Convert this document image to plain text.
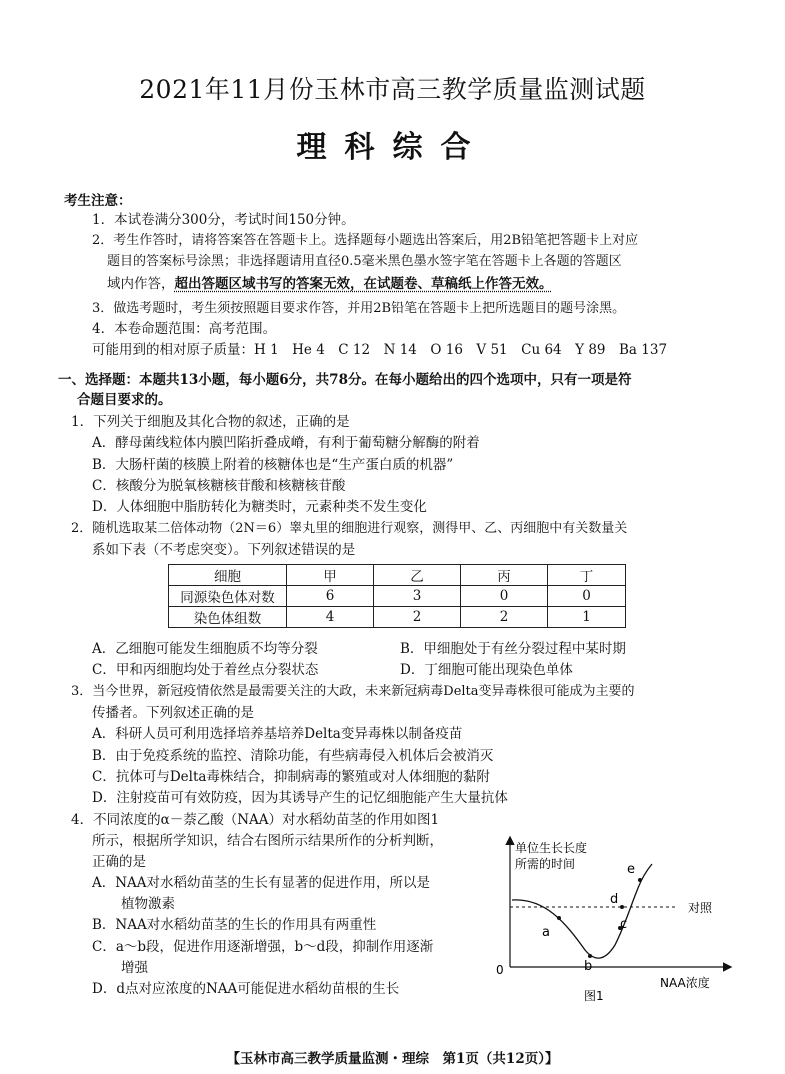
2021年11月份玉林市高三教学质量监测试题
理科综合
考生注意：
1．本试卷满分300分，考试时间150分钟。
2．考生作答时，请将答案答在答题卡上。选择题每小题选出答案后，用2B铅笔把答题卡上对应
题目的答案标号涂黑；非选择题请用直径0.5毫米黑色墨水签字笔在答题卡上各题的答题区
域内作答，超出答题区域书写的答案无效，在试题卷、草稿纸上作答无效。
3．做选考题时，考生须按照题目要求作答，并用2B铅笔在答题卡上把所选题目的题号涂黑。
4．本卷命题范围：高考范围。
可能用到的相对原子质量：H 1　He 4　C 12　N 14　O 16　V 51　Cu 64　Y 89　Ba 137
一、选择题：本题共13小题，每小题6分，共78分。在每小题给出的四个选项中，只有一项是符
合题目要求的。
1．下列关于细胞及其化合物的叙述，正确的是
A．酵母菌线粒体内膜凹陷折叠成嵴，有利于葡萄糖分解酶的附着
B．大肠杆菌的核膜上附着的核糖体也是“生产蛋白质的机器”
C．核酸分为脱氧核糖核苷酸和核糖核苷酸
D．人体细胞中脂肪转化为糖类时，元素种类不发生变化
2．随机选取某二倍体动物（2N＝6）睾丸里的细胞进行观察，测得甲、乙、丙细胞中有关数量关
系如下表（不考虑突变）。下列叙述错误的是
细胞	甲	乙	丙	丁
同源染色体对数	6	3	0	0
染色体组数	4	2	2	1
A．乙细胞可能发生细胞质不均等分裂	B．甲细胞处于有丝分裂过程中某时期
C．甲和丙细胞均处于着丝点分裂状态	D．丁细胞可能出现染色单体
3．当今世界，新冠疫情依然是最需要关注的大政，未来新冠病毒Delta变异毒株很可能成为主要的
传播者。下列叙述正确的是
A．科研人员可利用选择培养基培养Delta变异毒株以制备疫苗
B．由于免疫系统的监控、清除功能，有些病毒侵入机体后会被消灭
C．抗体可与Delta毒株结合，抑制病毒的繁殖或对人体细胞的黏附
D．注射疫苗可有效防疫，因为其诱导产生的记忆细胞能产生大量抗体
4．不同浓度的α－萘乙酸（NAA）对水稻幼苗茎的作用如图1
所示，根据所学知识，结合右图所示结果所作的分析判断，
正确的是
A．NAA对水稻幼苗茎的生长有显著的促进作用，所以是
植物激素
B．NAA对水稻幼苗茎的生长的作用具有两重性
C．a～b段，促进作用逐渐增强，b～d段，抑制作用逐渐
增强
D．d点对应浓度的NAA可能促进水稻幼苗根的生长
单位生长长度
所需的时间
0
对照
a
b
c
d
e
NAA浓度
图1
【玉林市高三教学质量监测・理综　第1页（共12页）】
